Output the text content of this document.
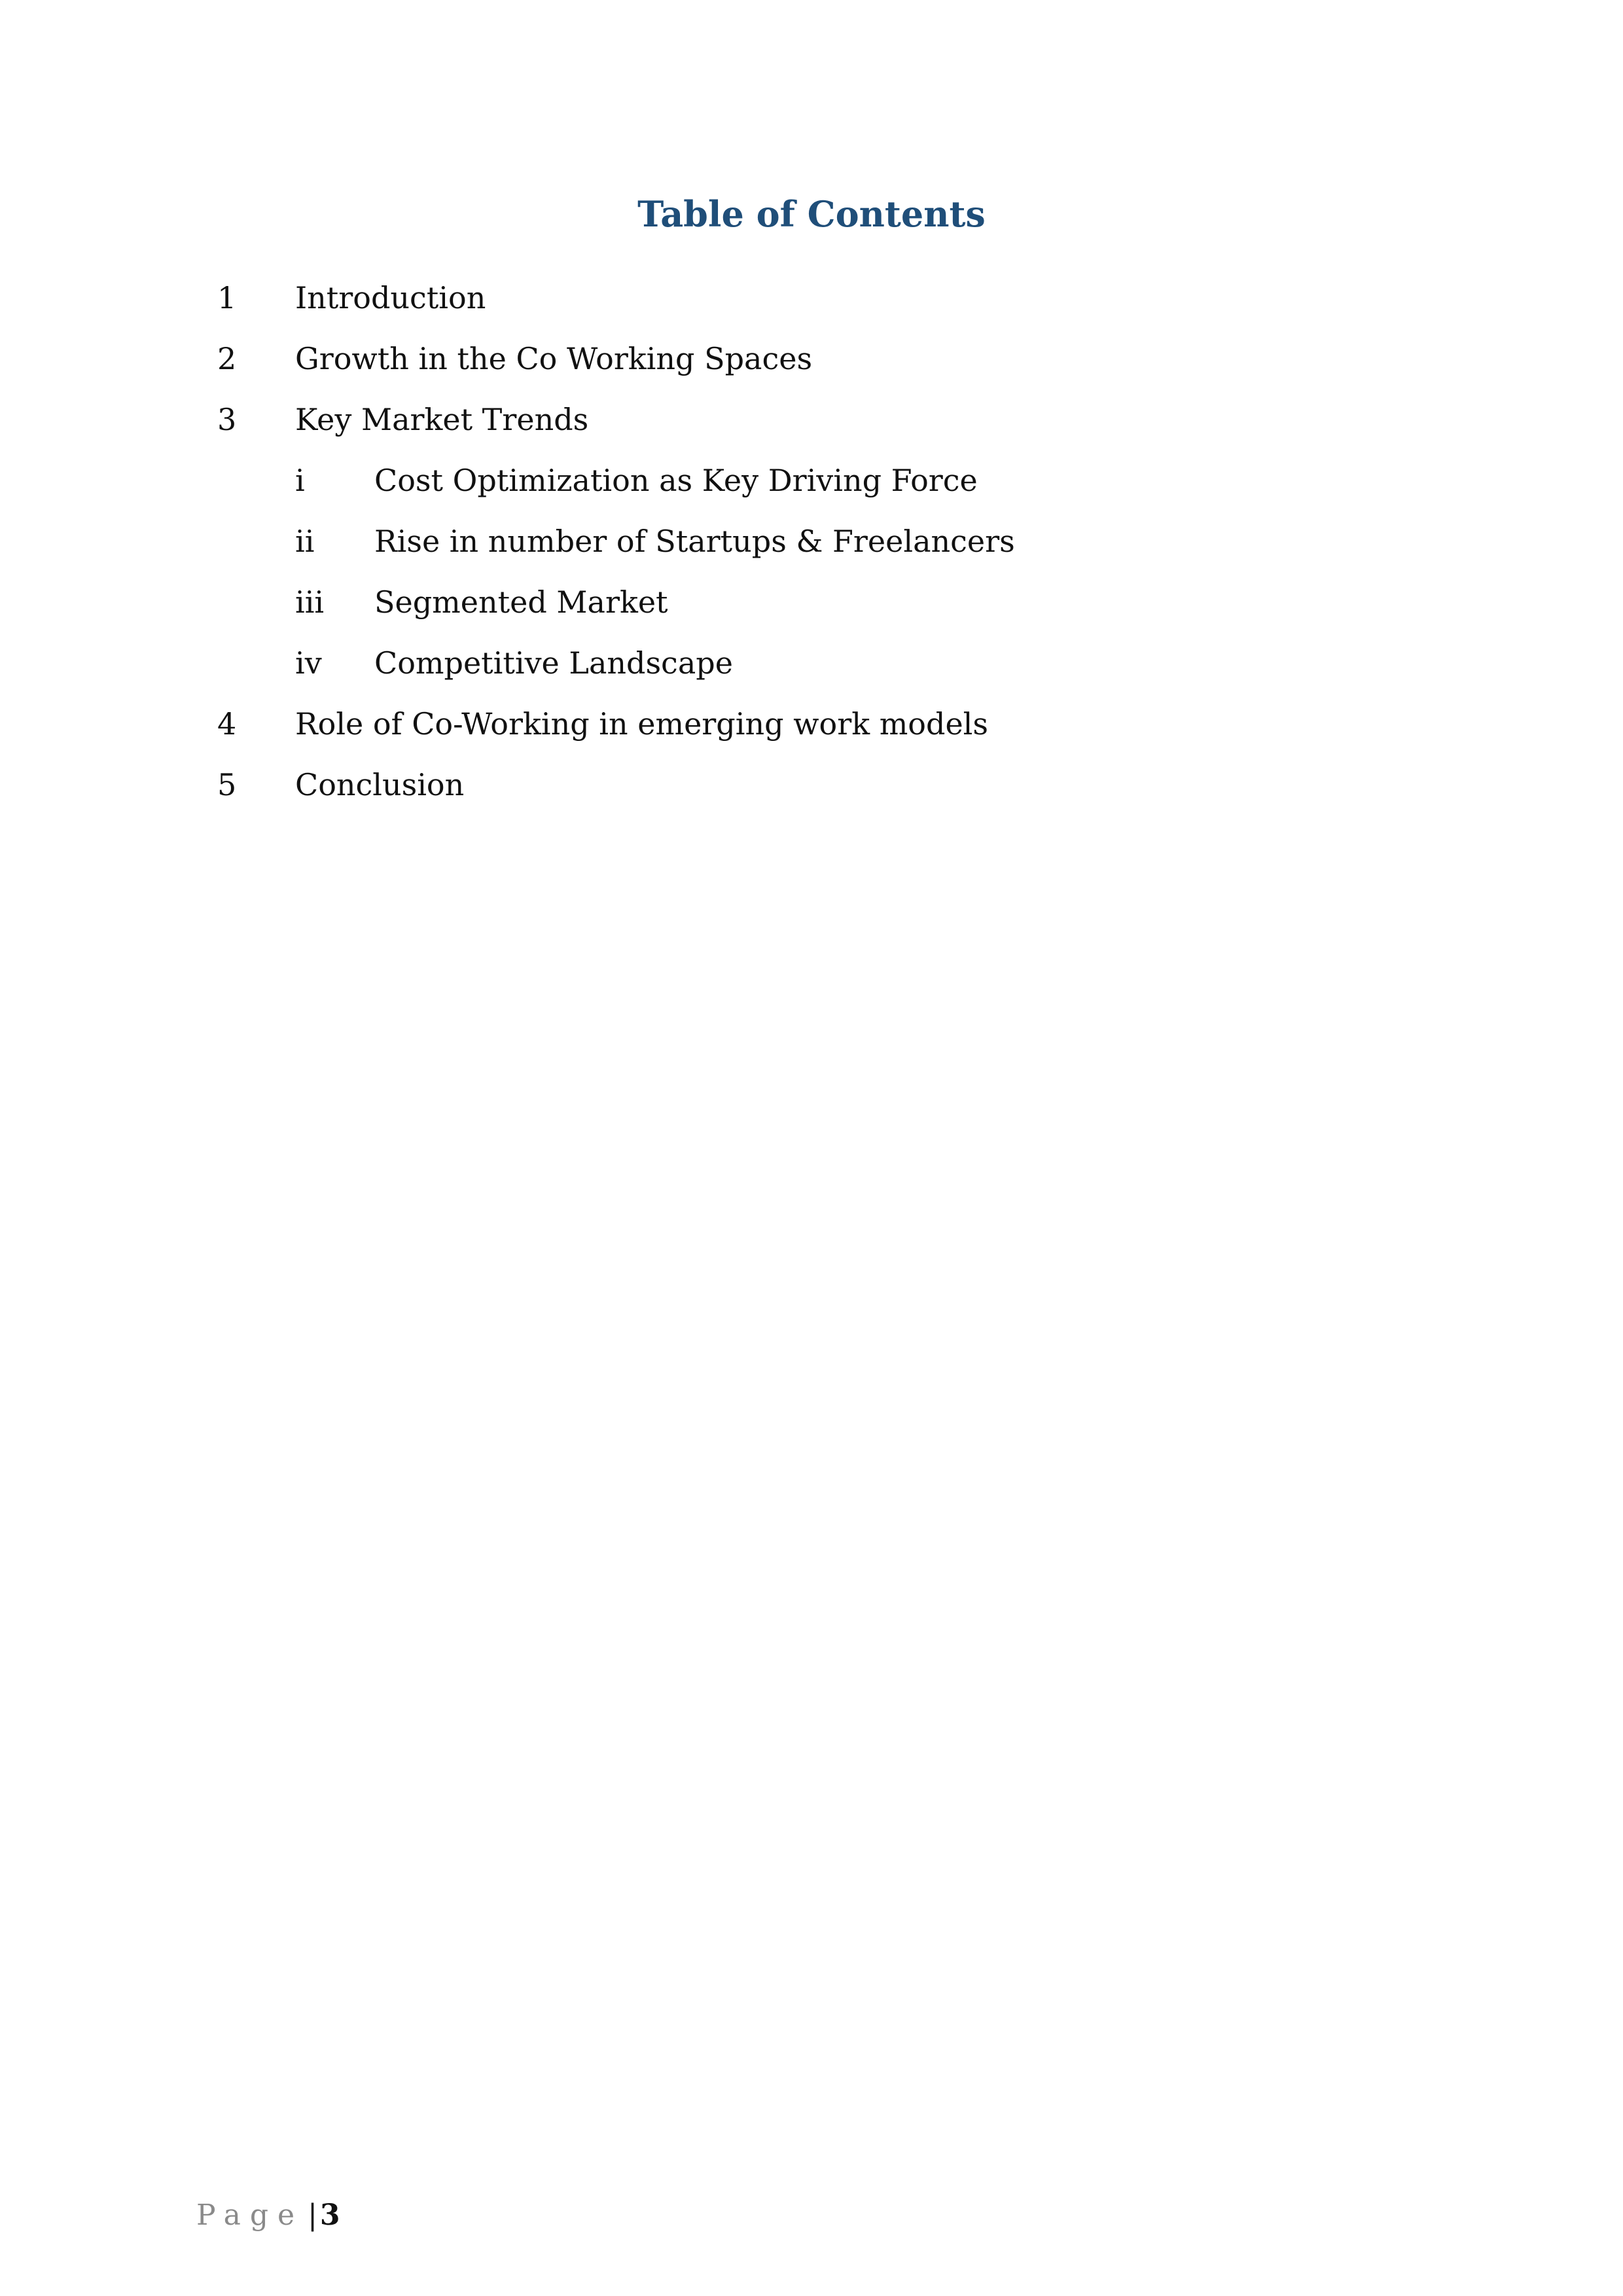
Table of Contents
1 Introduction
2 Growth in the Co Working Spaces
3 Key Market Trends
i Cost Optimization as Key Driving Force
ii Rise in number of Startups & Freelancers
iii Segmented Market
iv Competitive Landscape
4 Role of Co-Working in emerging work models
5 Conclusion
Page |3
